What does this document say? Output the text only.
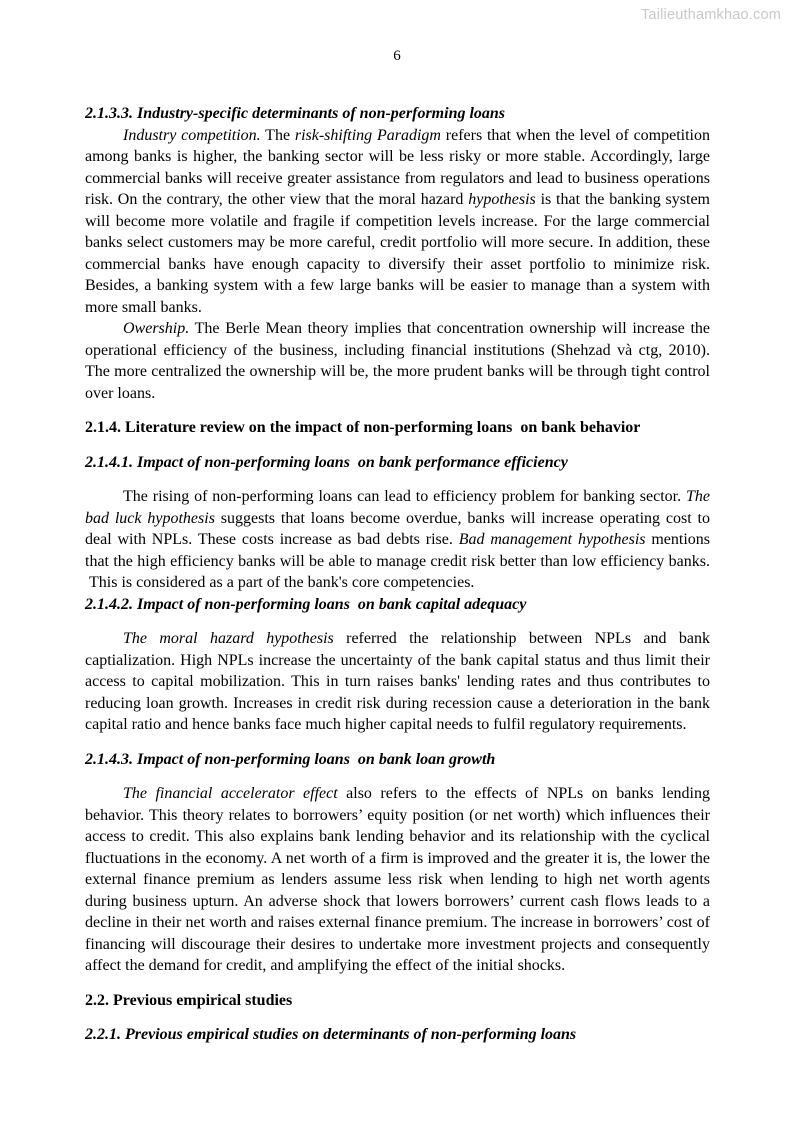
Tailieuthamkhao.com
6
2.1.3.3. Industry-specific determinants of non-performing loans

Industry competition. The risk-shifting Paradigm refers that when the level of competition among banks is higher, the banking sector will be less risky or more stable. Accordingly, large commercial banks will receive greater assistance from regulators and lead to business operations risk. On the contrary, the other view that the moral hazard hypothesis is that the banking system will become more volatile and fragile if competition levels increase. For the large commercial banks select customers may be more careful, credit portfolio will more secure. In addition, these commercial banks have enough capacity to diversify their asset portfolio to minimize risk. Besides, a banking system with a few large banks will be easier to manage than a system with more small banks.

Owership. The Berle Mean theory implies that concentration ownership will increase the operational efficiency of the business, including financial institutions (Shehzad và ctg, 2010). The more centralized the ownership will be, the more prudent banks will be through tight control over loans.

2.1.4. Literature review on the impact of non-performing loans  on bank behavior
2.1.4.1. Impact of non-performing loans  on bank performance efficiency

The rising of non-performing loans can lead to efficiency problem for banking sector. The bad luck hypothesis suggests that loans become overdue, banks will increase operating cost to deal with NPLs. These costs increase as bad debts rise. Bad management hypothesis mentions that the high efficiency banks will be able to manage credit risk better than low efficiency banks.  This is considered as a part of the bank's core competencies.

2.1.4.2. Impact of non-performing loans  on bank capital adequacy

The moral hazard hypothesis referred the relationship between NPLs and bank captialization. High NPLs increase the uncertainty of the bank capital status and thus limit their access to capital mobilization. This in turn raises banks' lending rates and thus contributes to reducing loan growth. Increases in credit risk during recession cause a deterioration in the bank capital ratio and hence banks face much higher capital needs to fulfil regulatory requirements.

2.1.4.3. Impact of non-performing loans  on bank loan growth

The financial accelerator effect also refers to the effects of NPLs on banks lending behavior. This theory relates to borrowers’ equity position (or net worth) which influences their access to credit. This also explains bank lending behavior and its relationship with the cyclical fluctuations in the economy. A net worth of a firm is improved and the greater it is, the lower the external finance premium as lenders assume less risk when lending to high net worth agents during business upturn. An adverse shock that lowers borrowers’ current cash flows leads to a decline in their net worth and raises external finance premium. The increase in borrowers’ cost of financing will discourage their desires to undertake more investment projects and consequently affect the demand for credit, and amplifying the effect of the initial shocks.

2.2. Previous empirical studies
2.2.1. Previous empirical studies on determinants of non-performing loans
